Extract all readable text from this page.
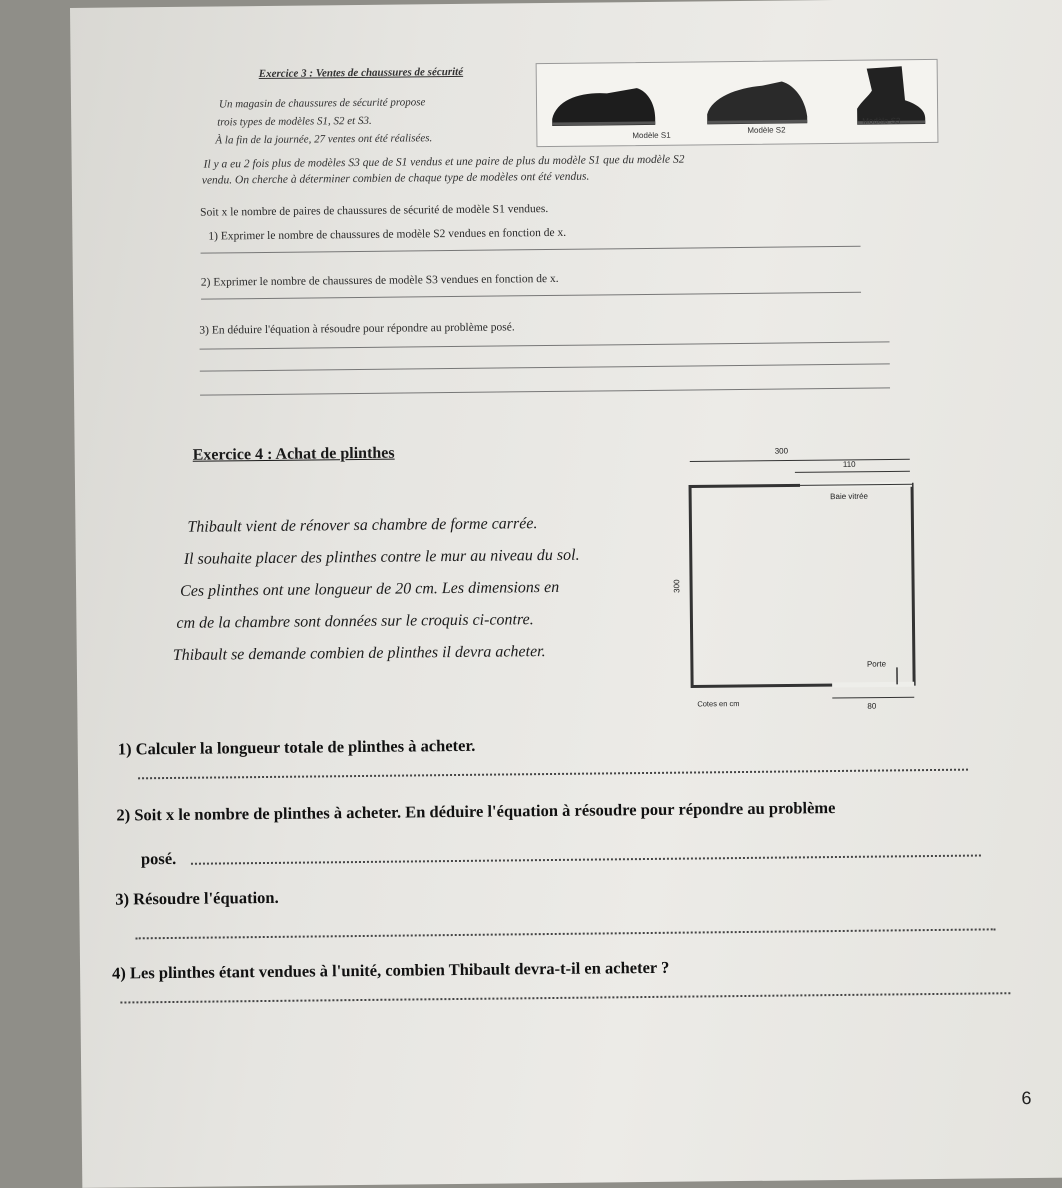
Exercice 3 : Ventes de chaussures de sécurité
Un magasin de chaussures de sécurité propose
trois types de modèles S1, S2 et S3.
À la fin de la journée, 27 ventes ont été réalisées.	Modèle S1
Modèle S2
Modèle S3
Il y a eu 2 fois plus de modèles S3 que de S1 vendus et une paire de plus du modèle S1 que du modèle S2
vendu. On cherche à déterminer combien de chaque type de modèles ont été vendus.
Soit x le nombre de paires de chaussures de sécurité de modèle S1 vendues.
1) Exprimer le nombre de chaussures de modèle S2 vendues en fonction de x.
2) Exprimer le nombre de chaussures de modèle S3 vendues en fonction de x.
3) En déduire l'équation à résoudre pour répondre au problème posé.
Exercice 4 : Achat de plinthes
Thibault vient de rénover sa chambre de forme carrée.
Il souhaite placer des plinthes contre le mur au niveau du sol.
Ces plinthes ont une longueur de 20 cm. Les dimensions en
cm de la chambre sont données sur le croquis ci-contre.
Thibault se demande combien de plinthes il devra acheter.
300
110
Baie vitrée
300
Porte
80
Cotes en cm
1) Calculer la longueur totale de plinthes à acheter.
2) Soit x le nombre de plinthes à acheter. En déduire l'équation à résoudre pour répondre au problème
posé.
3) Résoudre l'équation.
4) Les plinthes étant vendues à l'unité, combien Thibault devra-t-il en acheter ?
6
